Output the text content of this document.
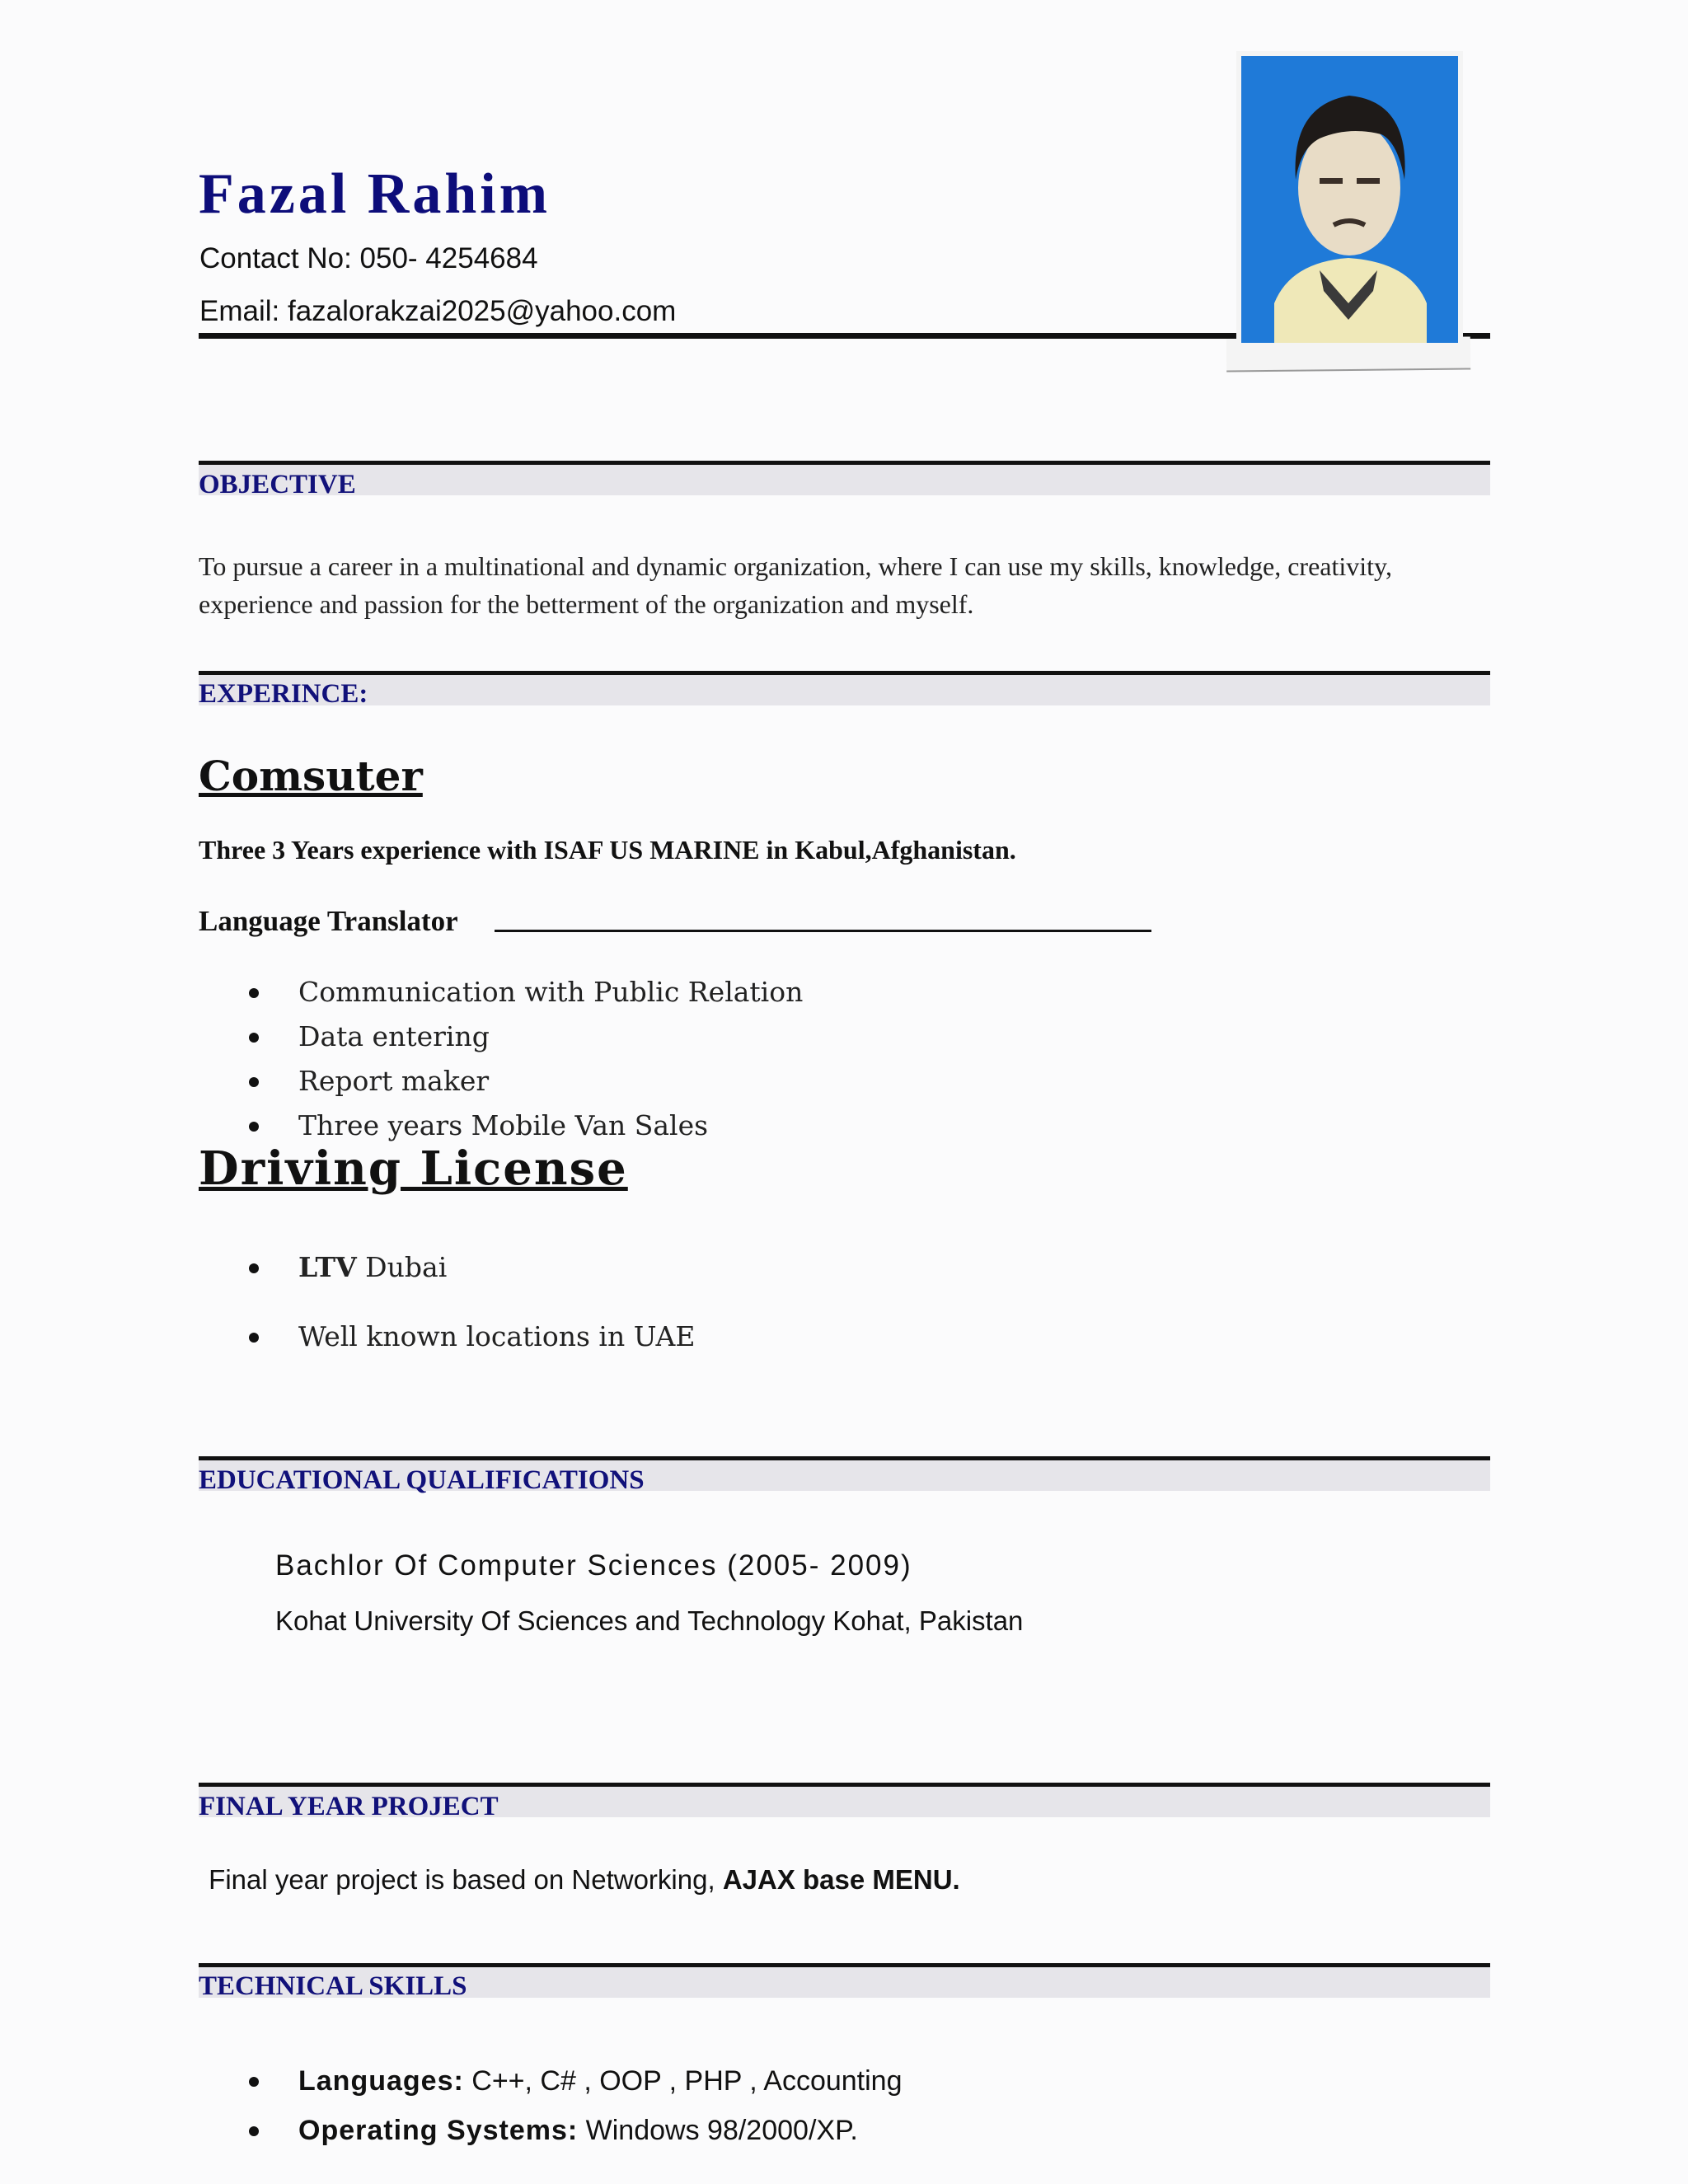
Fazal Rahim
Contact No: 050- 4254684
Email: fazalorakzai2025@yahoo.com
OBJECTIVE
To pursue a career in a multinational and dynamic organization, where I can use my skills, knowledge, creativity, experience and passion for the betterment of the organization and myself.
EXPERINCE:
Comsuter
Three 3 Years experience with ISAF US MARINE in Kabul,Afghanistan.
Language Translator
Communication with Public Relation
Data entering
Report maker
Three years Mobile Van Sales
Driving License
LTV Dubai
Well known locations in UAE
EDUCATIONAL QUALIFICATIONS
Bachlor Of Computer Sciences (2005- 2009)
Kohat University Of Sciences and Technology Kohat, Pakistan
FINAL YEAR PROJECT
Final year project is based on Networking, AJAX base MENU.
TECHNICAL SKILLS
Languages: C++, C# , OOP , PHP , Accounting
Operating Systems: Windows 98/2000/XP.
